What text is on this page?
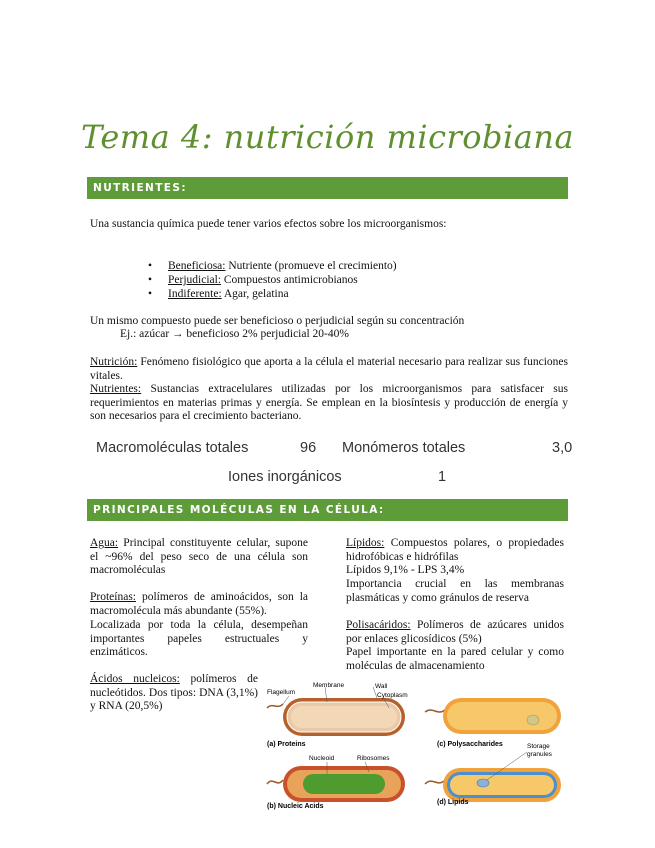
Tema 4: nutrición microbiana
NUTRIENTES:
Una sustancia química puede tener varios efectos sobre los microorganismos:
• Beneficiosa: Nutriente (promueve el crecimiento)
• Perjudicial: Compuestos antimicrobianos
• Indiferente: Agar, gelatina
Un mismo compuesto puede ser beneficioso o perjudicial según su concentración
Ej.: azúcar → beneficioso 2% perjudicial 20-40%
Nutrición: Fenómeno fisiológico que aporta a la célula el material necesario para realizar sus funciones vitales.
Nutrientes: Sustancias extracelulares utilizadas por los microorganismos para satisfacer sus requerimientos en materias primas y energía. Se emplean en la biosíntesis y producción de energía y son necesarios para el crecimiento bacteriano.
Macromoléculas totales	96 Monómeros totales	3,0
Iones inorgánicos	1
PRINCIPALES MOLÉCULAS EN LA CÉLULA:
Agua: Principal constituyente celular, supone el ~96% del peso seco de una célula son macromoléculas
Proteínas: polímeros de aminoácidos, son la macromolécula más abundante (55%).
Localizada por toda la célula, desempeñan importantes papeles estructuales y enzimáticos.
Ácidos nucleicos: polímeros de nucleótidos. Dos tipos: DNA (3,1%) y RNA (20,5%)
Lípidos: Compuestos polares, o propiedades hidrofóbicas e hidrófilas
Lípidos 9,1% - LPS 3,4%
Importancia crucial en las membranas plasmáticas y como gránulos de reserva
Polisacáridos: Polímeros de azúcares unidos por enlaces glicosídicos (5%)
Papel importante en la pared celular y como moléculas de almacenamiento
Membrane	Wall
Flagellum	Cytoplasm
(a) Proteins	(c) Polysaccharides
Nucleoid	Ribosomes
(b) Nucleic Acids
Storage
granules
(d) Lipids
